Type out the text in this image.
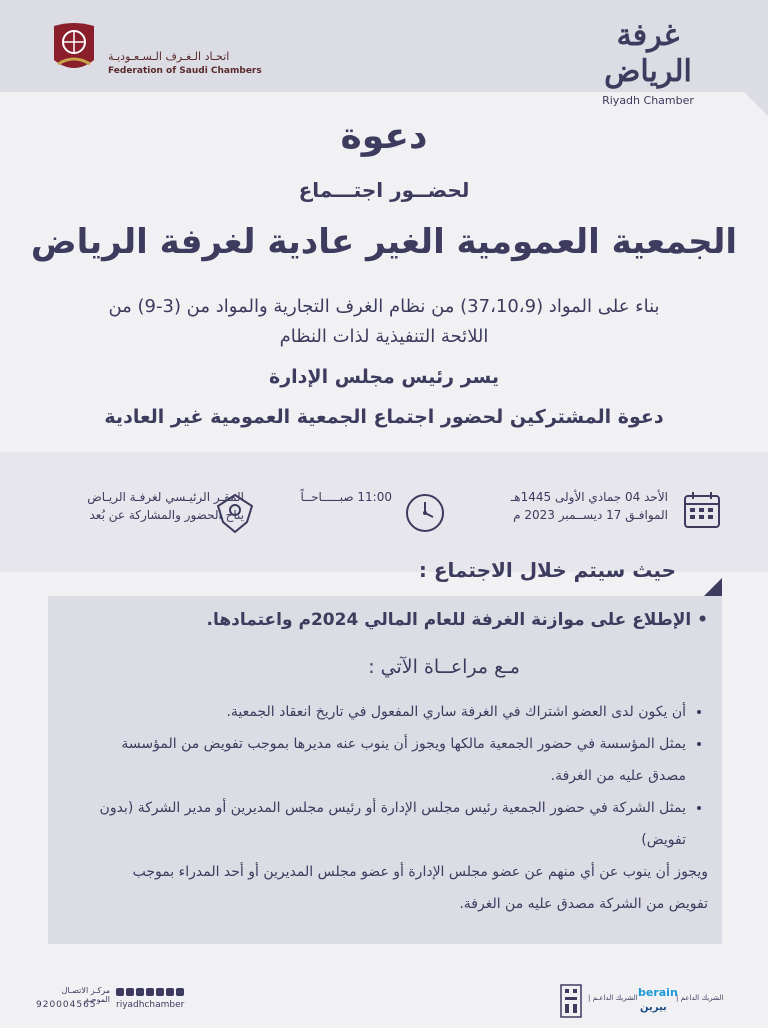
اتحـاد الـغـرف الـسـعـوديـة
Federation of Saudi Chambers
غرفة الرياض
Riyadh Chamber
دعوة
لحضــور اجتـــماع
الجمعية العمومية الغير عادية لغرفة الرياض
بناء على المواد (37،10،9) من نظام الغرف التجارية والمواد من (3-9) من اللائحة التنفيذية لذات النظام
يسر رئيس مجلس الإدارة
دعوة المشتركين لحضور اجتماع الجمعية العمومية غير العادية
الأحد 04 جمادي الأولى 1445هـ
الموافـق 17 ديســمبر 2023 م
11:00 صبـــــاحــاً
المقـر الرئيـسي لغرفـة الريـاض
يتاح الحضور والمشاركة عن بُعد
حيث سيتم خلال الاجتماع :
• الإطلاع على موازنة الغرفة للعام المالي 2024م واعتمادها.
مـع مراعــاة الآتي :
• أن يكون لدى العضو اشتراك في الغرفة ساري المفعول في تاريخ انعقاد الجمعية.
• يمثل المؤسسة في حضور الجمعية مالكها ويجوز أن ينوب عنه مديرها بموجب تفويض من المؤسسة مصدق عليه من الغرفة.
• يمثل الشركة في حضور الجمعية رئيس مجلس الإدارة أو رئيس مجلس المديرين أو مدير الشركة (بدون تفويض)

ويجوز أن ينوب عن أي منهم عن عضو مجلس الإدارة أو عضو مجلس المديرين أو أحد المدراء بموجب تفويض من الشركة مصدق عليه من الغرفة.

مركـز الاتصـال الموحـد
920004565 riyadhchamber
الشريك الداعـم | berain
بيرين
الشريك الداعم |
